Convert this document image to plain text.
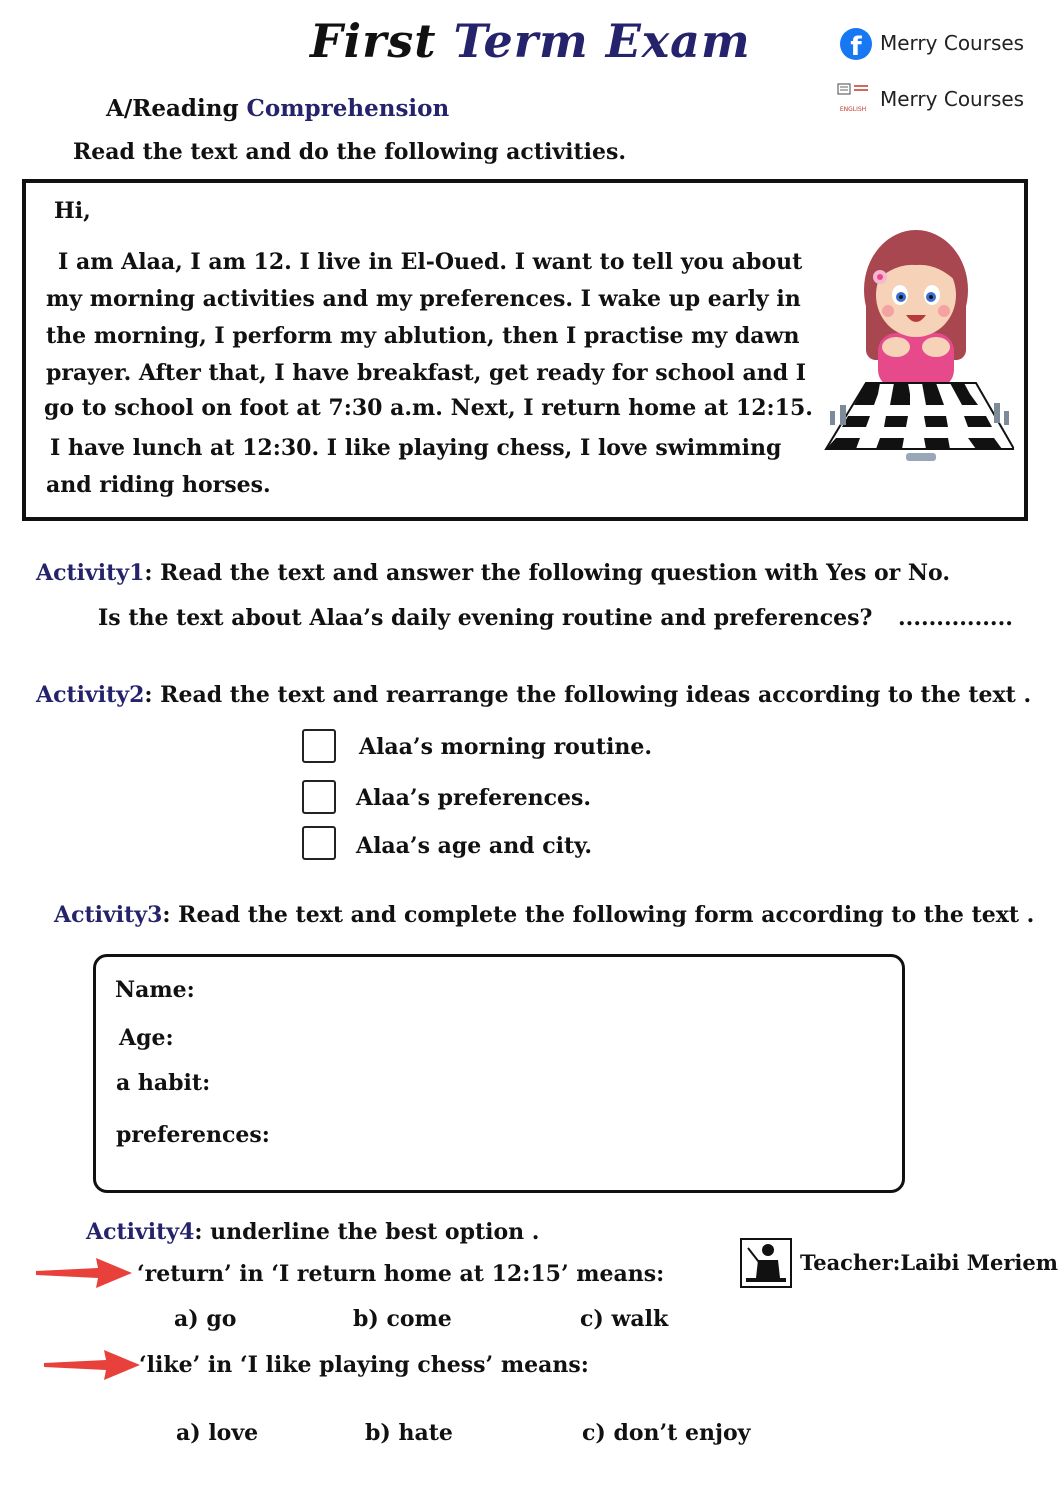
First Term Exam	f Merry Courses
ENGLISH Merry Courses
A/Reading Comprehension
Read the text and do the following activities.
Hi,
I am Alaa, I am 12. I live in El-Oued. I want to tell you about
my morning activities and my preferences. I wake up early in
the morning, I perform my ablution, then I practise my dawn
prayer. After that, I have breakfast, get ready for school and I
go to school on foot at 7:30 a.m. Next, I return home at 12:15.
I have lunch at 12:30. I like playing chess, I love swimming
and riding horses.
Activity1: Read the text and answer the following question with Yes or No.
Is the text about Alaa’s daily evening routine and preferences? ...............
Activity2: Read the text and rearrange the following ideas according to the text .
Alaa’s morning routine.
Alaa’s preferences.
Alaa’s age and city.
Activity3: Read the text and complete the following form according to the text .
Name:
Age:
a habit:
preferences:
Activity4: underline the best option .
‘return’ in ‘I return home at 12:15’ means:
a) go	b) come	c) walk
‘like’ in ‘I like playing chess’ means:
a) love	b) hate	c) don’t enjoy
Teacher:Laibi Meriem
